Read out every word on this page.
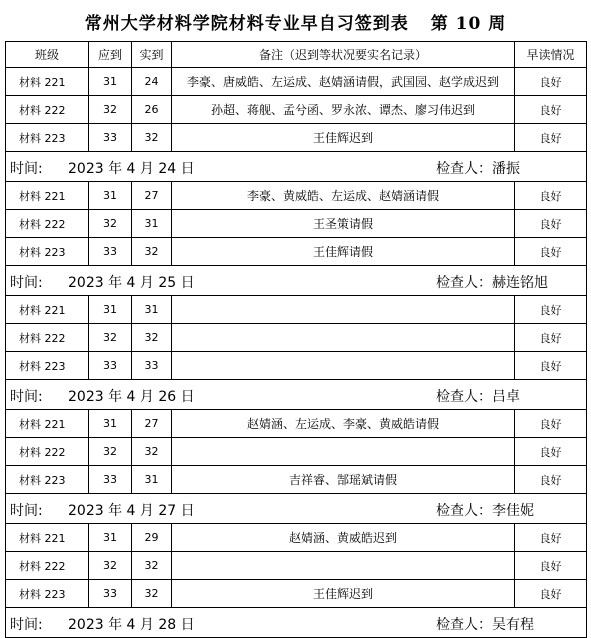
常州大学材料学院材料专业早自习签到表 第 10 周
班级	应到	实到	备注（迟到等状况要实名记录）	早读情况
材料 221	31	24	李豪、唐威皓、左运成、赵婧涵请假，武国园、赵学成迟到	良好
材料 222	32	26	孙超、蒋舰、孟兮函、罗永浓、谭杰、廖习伟迟到	良好
材料 223	33	32	王佳辉迟到	良好

时间: 2023 年 4 月 24 日 检查人：潘振				

材料 221	31	27	李豪、黄威皓、左运成、赵婧涵请假	良好
材料 222	32	31	王圣策请假	良好
材料 223	33	32	王佳辉请假	良好

时间: 2023 年 4 月 25 日 检查人：赫连铭旭				

材料 221	31	31		良好
材料 222	32	32		良好
材料 223	33	33		良好

时间: 2023 年 4 月 26 日 检查人：吕卓				

材料 221	31	27	赵婧涵、左运成、李豪、黄威皓请假	良好
材料 222	32	32		良好
材料 223	33	31	吉祥睿、郜瑶斌请假	良好

时间: 2023 年 4 月 27 日 检查人：李佳妮				

材料 221	31	29	赵婧涵、黄威皓迟到	良好
材料 222	32	32		良好
材料 223	33	32	王佳辉迟到	良好

时间: 2023 年 4 月 28 日 检查人：吴有程				
